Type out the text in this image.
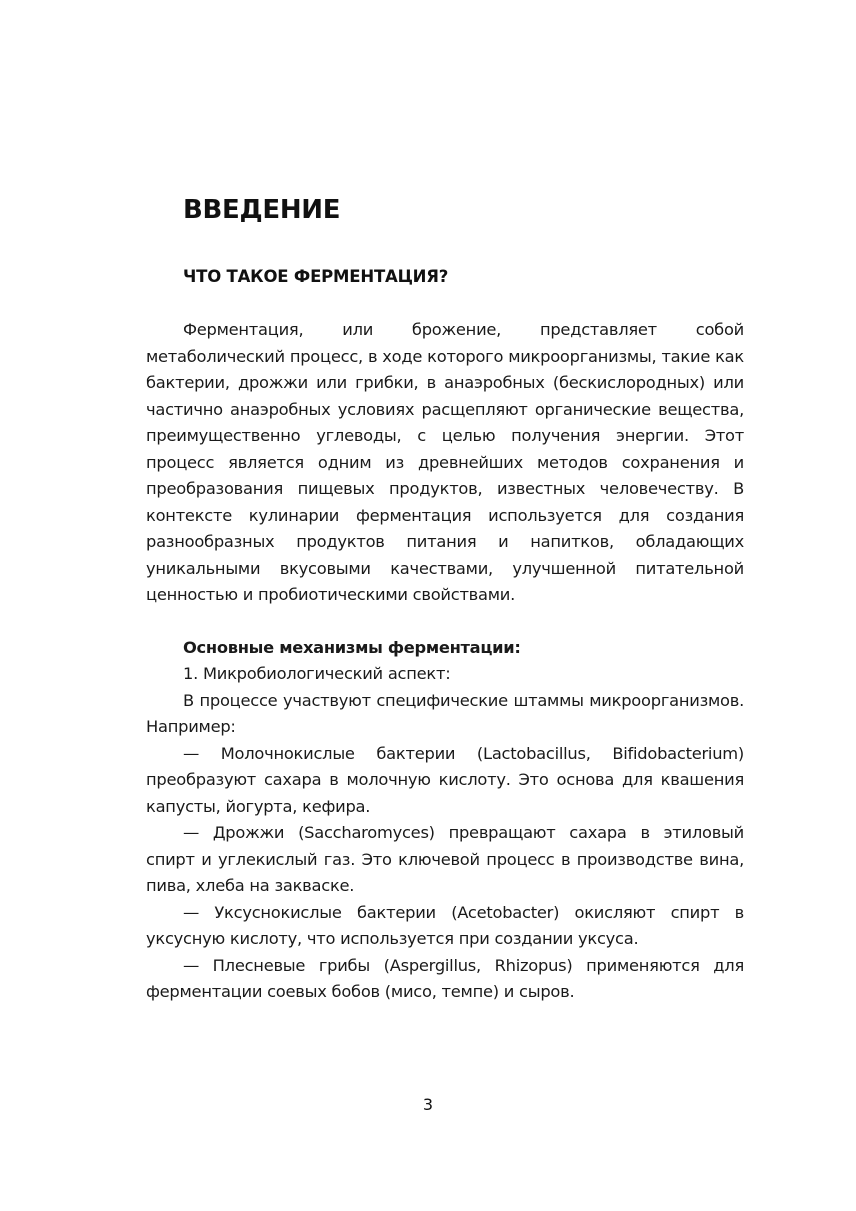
ВВЕДЕНИЕ
ЧТО ТАКОЕ ФЕРМЕНТАЦИЯ?

Ферментация, или брожение, представляет собой метаболический процесс, в ходе которого микроорганизмы, такие как бактерии, дрожжи или грибки, в анаэробных (бескислородных) или частично анаэробных условиях расщепляют органические вещества, преимущественно углеводы, с целью получения энергии. Этот процесс является одним из древнейших методов сохранения и преобразования пищевых продуктов, известных человечеству. В контексте кулинарии ферментация используется для создания разнообразных продуктов питания и напитков, обладающих уникальными вкусовыми качествами, улучшенной питательной ценностью и пробиотическими свойствами.

Основные механизмы ферментации:

1. Микробиологический аспект:

В процессе участвуют специфические штаммы микроорганизмов. Например:

— Молочнокислые бактерии (Lactobacillus, Bifidobacterium) преобразуют сахара в молочную кислоту. Это основа для квашения капусты, йогурта, кефира.

— Дрожжи (Saccharomyces) превращают сахара в этиловый спирт и углекислый газ. Это ключевой процесс в производстве вина, пива, хлеба на закваске.

— Уксуснокислые бактерии (Acetobacter) окисляют спирт в уксусную кислоту, что используется при создании уксуса.

— Плесневые грибы (Aspergillus, Rhizopus) применяются для ферментации соевых бобов (мисо, темпе) и сыров.

3
